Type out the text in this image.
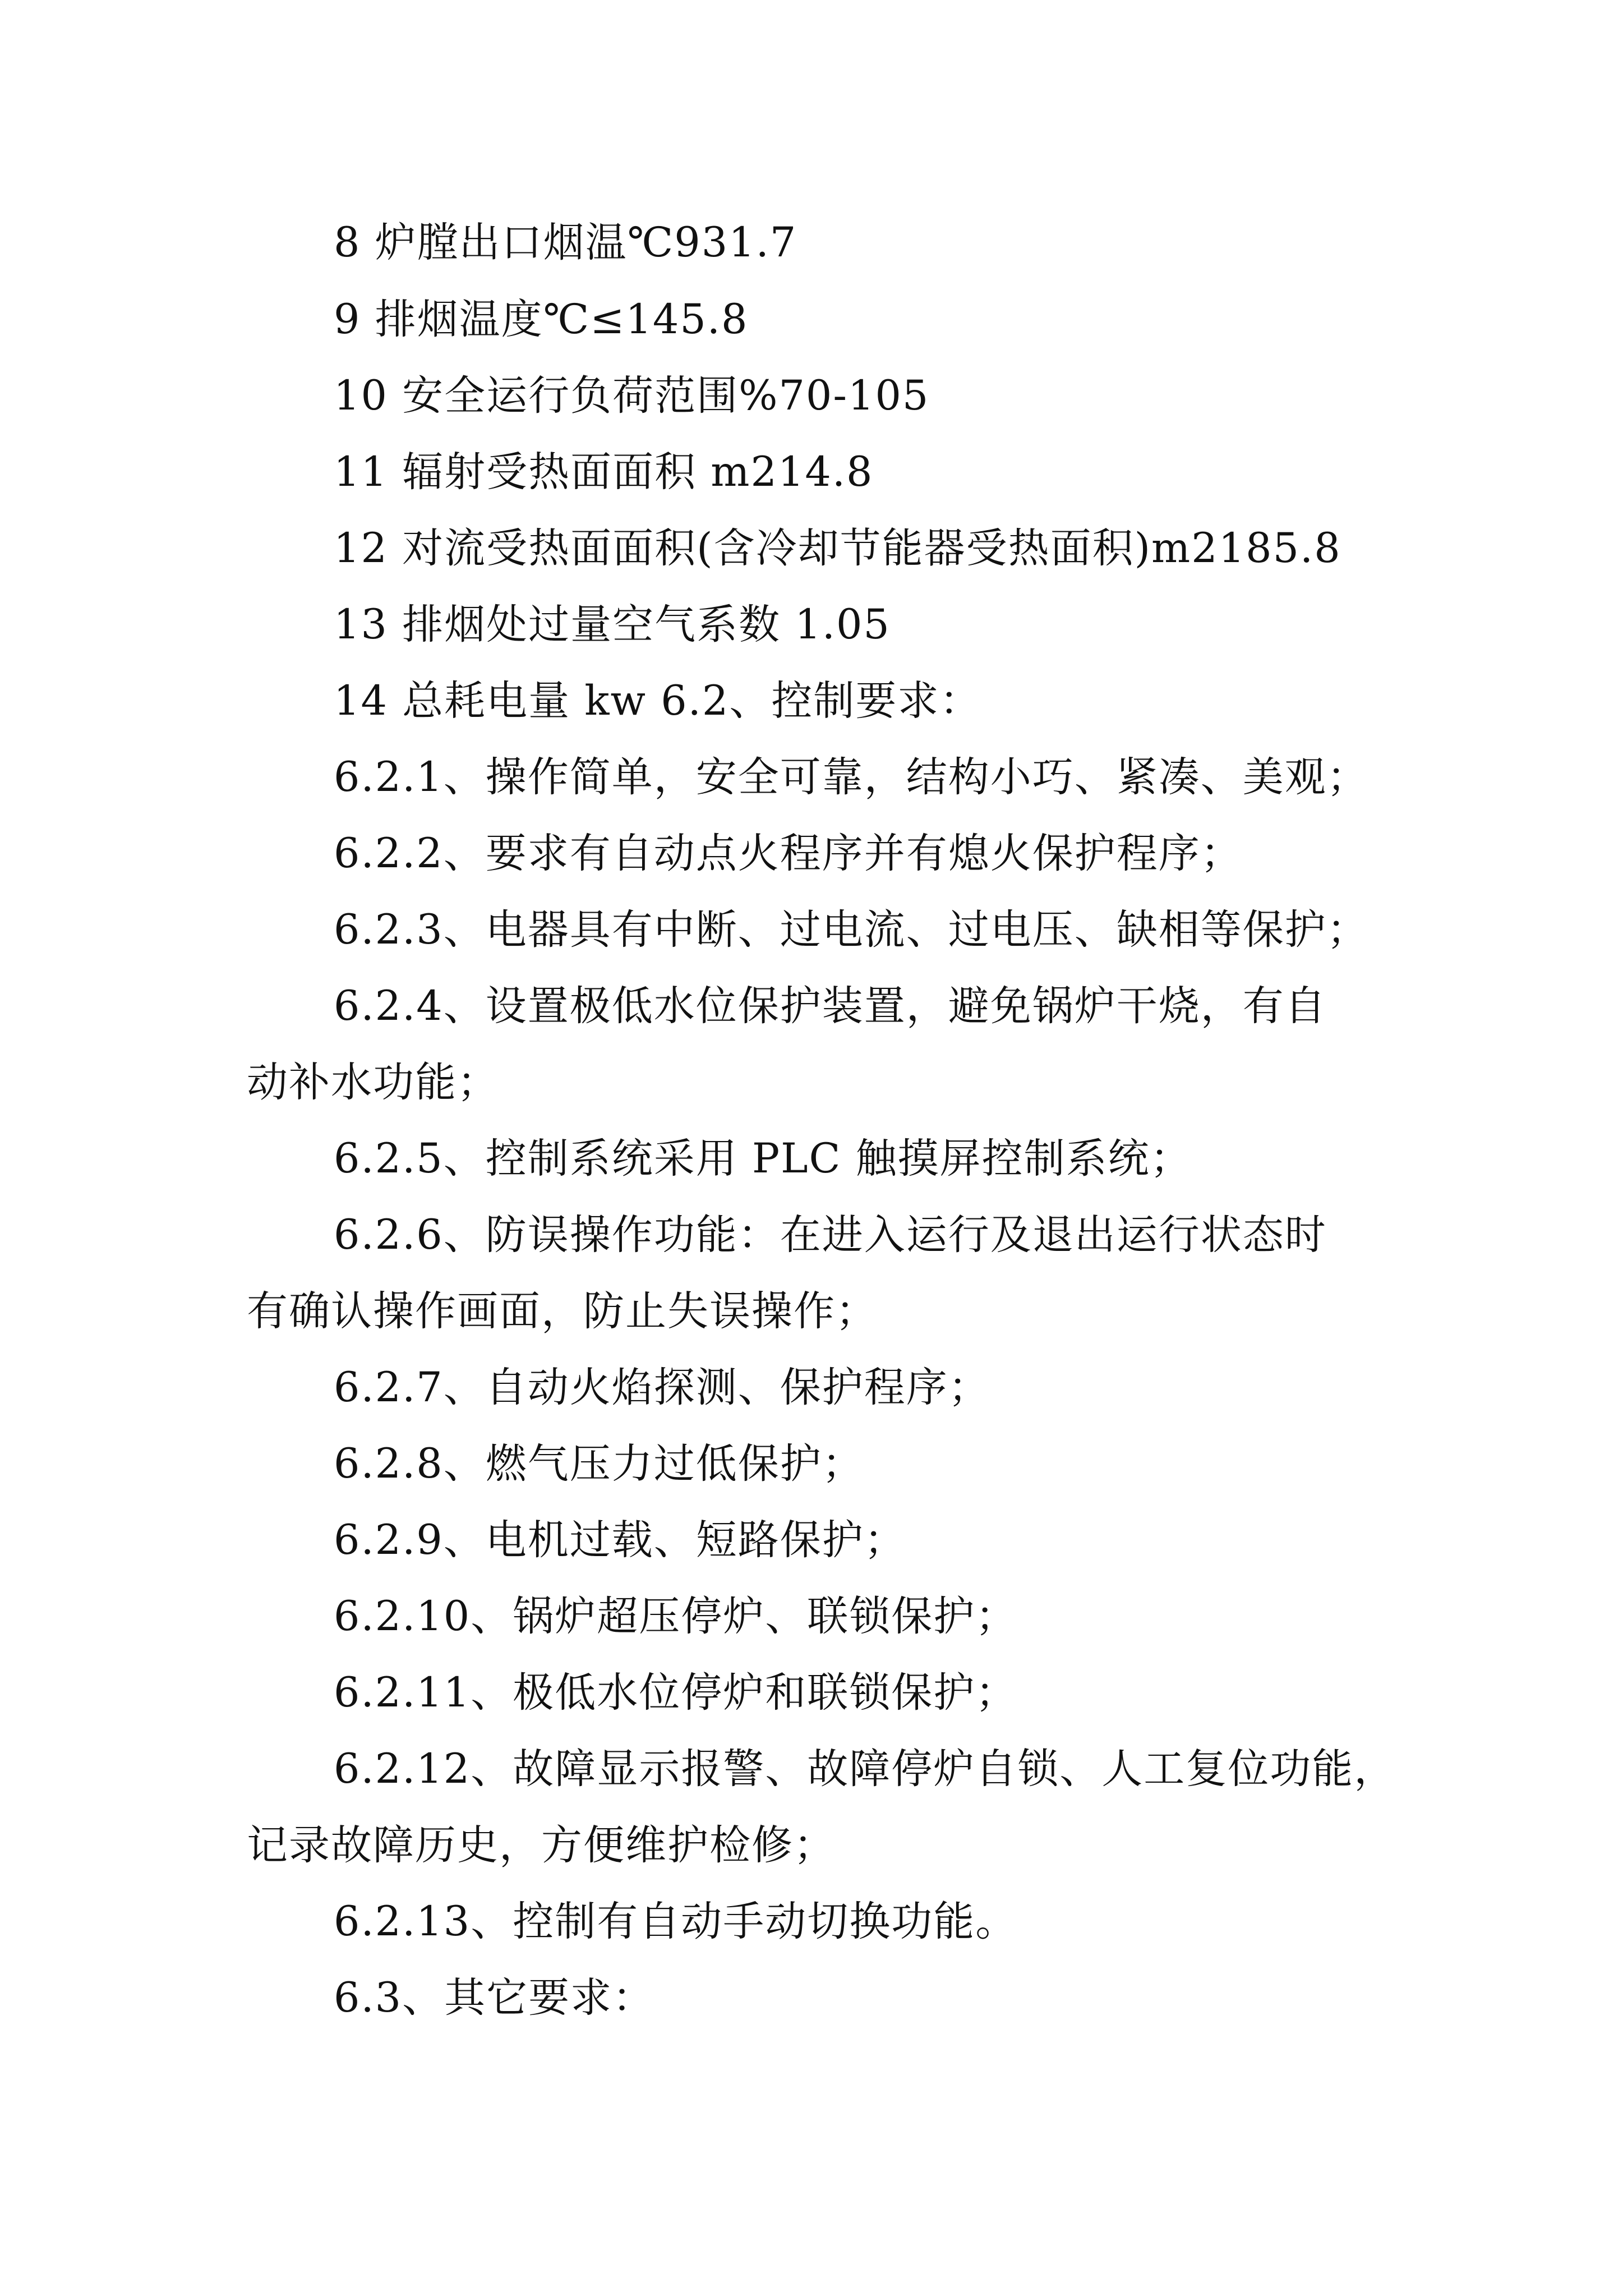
8 炉膛出口烟温℃931.7
9 排烟温度℃≤145.8
10 安全运行负荷范围%70-105
11 辐射受热面面积 m214.8
12 对流受热面面积(含冷却节能器受热面积)m2185.8
13 排烟处过量空气系数 1.05
14 总耗电量 kw 6.2、控制要求：
6.2.1、操作简单，安全可靠，结构小巧、紧凑、美观；
6.2.2、要求有自动点火程序并有熄火保护程序；
6.2.3、电器具有中断、过电流、过电压、缺相等保护；
6.2.4、设置极低水位保护装置，避免锅炉干烧，有自
动补水功能；
6.2.5、控制系统采用 PLC 触摸屏控制系统；
6.2.6、防误操作功能：在进入运行及退出运行状态时
有确认操作画面，防止失误操作；
6.2.7、自动火焰探测、保护程序；
6.2.8、燃气压力过低保护；
6.2.9、电机过载、短路保护；
6.2.10、锅炉超压停炉、联锁保护；
6.2.11、极低水位停炉和联锁保护；
6.2.12、故障显示报警、故障停炉自锁、人工复位功能，
记录故障历史，方便维护检修；
6.2.13、控制有自动手动切换功能。
6.3、其它要求：
